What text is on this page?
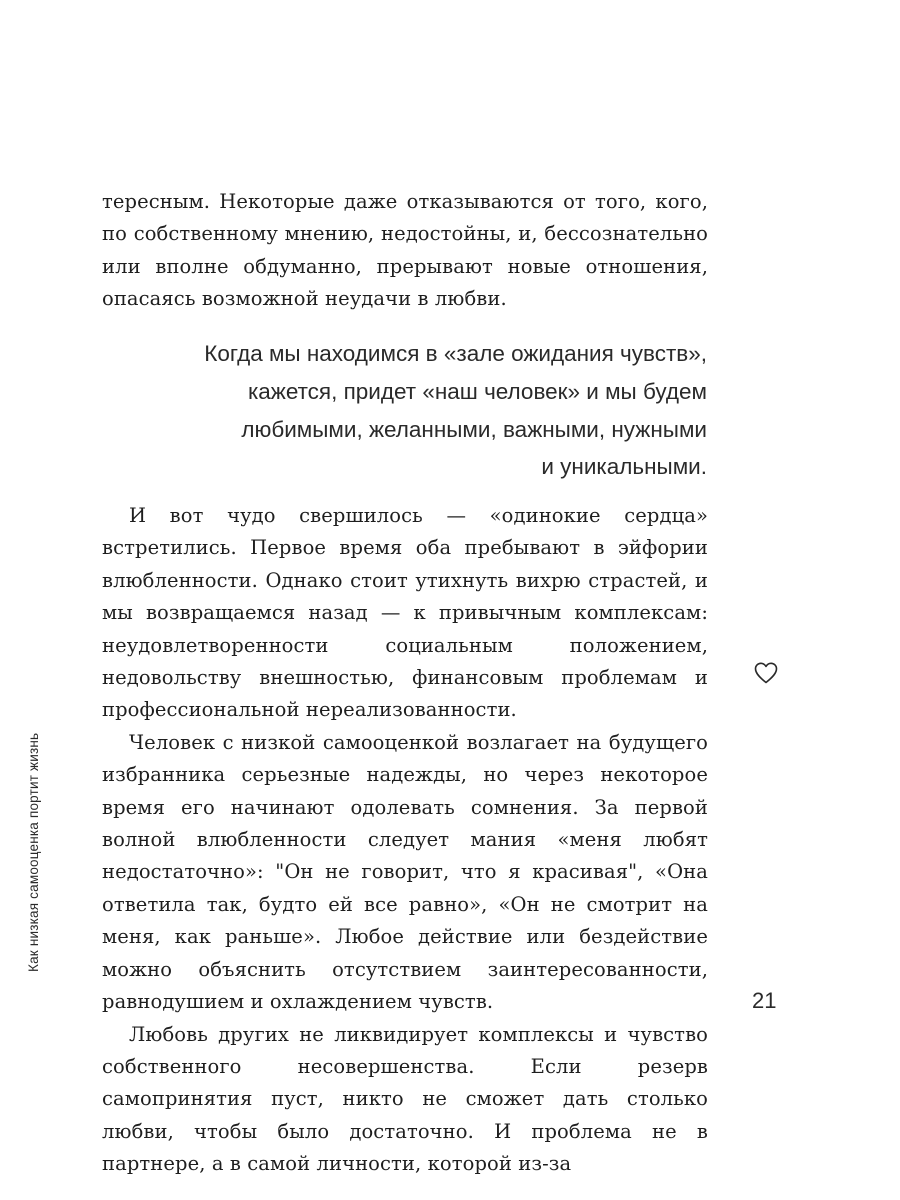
тересным. Некоторые даже отказываются от того, кого, по собственному мнению, недостойны, и, бессознательно или вполне обдуманно, прерывают новые отношения, опасаясь возможной неудачи в любви.

Когда мы находимся в «зале ожидания чувств»,
кажется, придет «наш человек» и мы будем
любимыми, желанными, важными, нужными
и уникальными.

И вот чудо свершилось — «одинокие сердца» встретились. Первое время оба пребывают в эйфории влюбленности. Однако стоит утихнуть вихрю страстей, и мы возвращаемся назад — к привычным комплексам: неудовлетворенности социальным положением, недовольству внешностью, финансовым проблемам и профессиональной нереализованности.

Человек с низкой самооценкой возлагает на будущего избранника серьезные надежды, но через некоторое время его начинают одолевать сомнения. За первой волной влюбленности следует мания «меня любят недостаточно»: "Он не говорит, что я красивая", «Она ответила так, будто ей все равно», «Он не смотрит на меня, как раньше». Любое действие или бездействие можно объяснить отсутствием заинтересованности, равнодушием и охлаждением чувств.

Любовь других не ликвидирует комплексы и чувство собственного несовершенства. Если резерв самопринятия пуст, никто не сможет дать столько любви, чтобы было достаточно. И проблема не в партнере, а в самой личности, которой из-за

Как низкая самооценка портит жизнь
21
